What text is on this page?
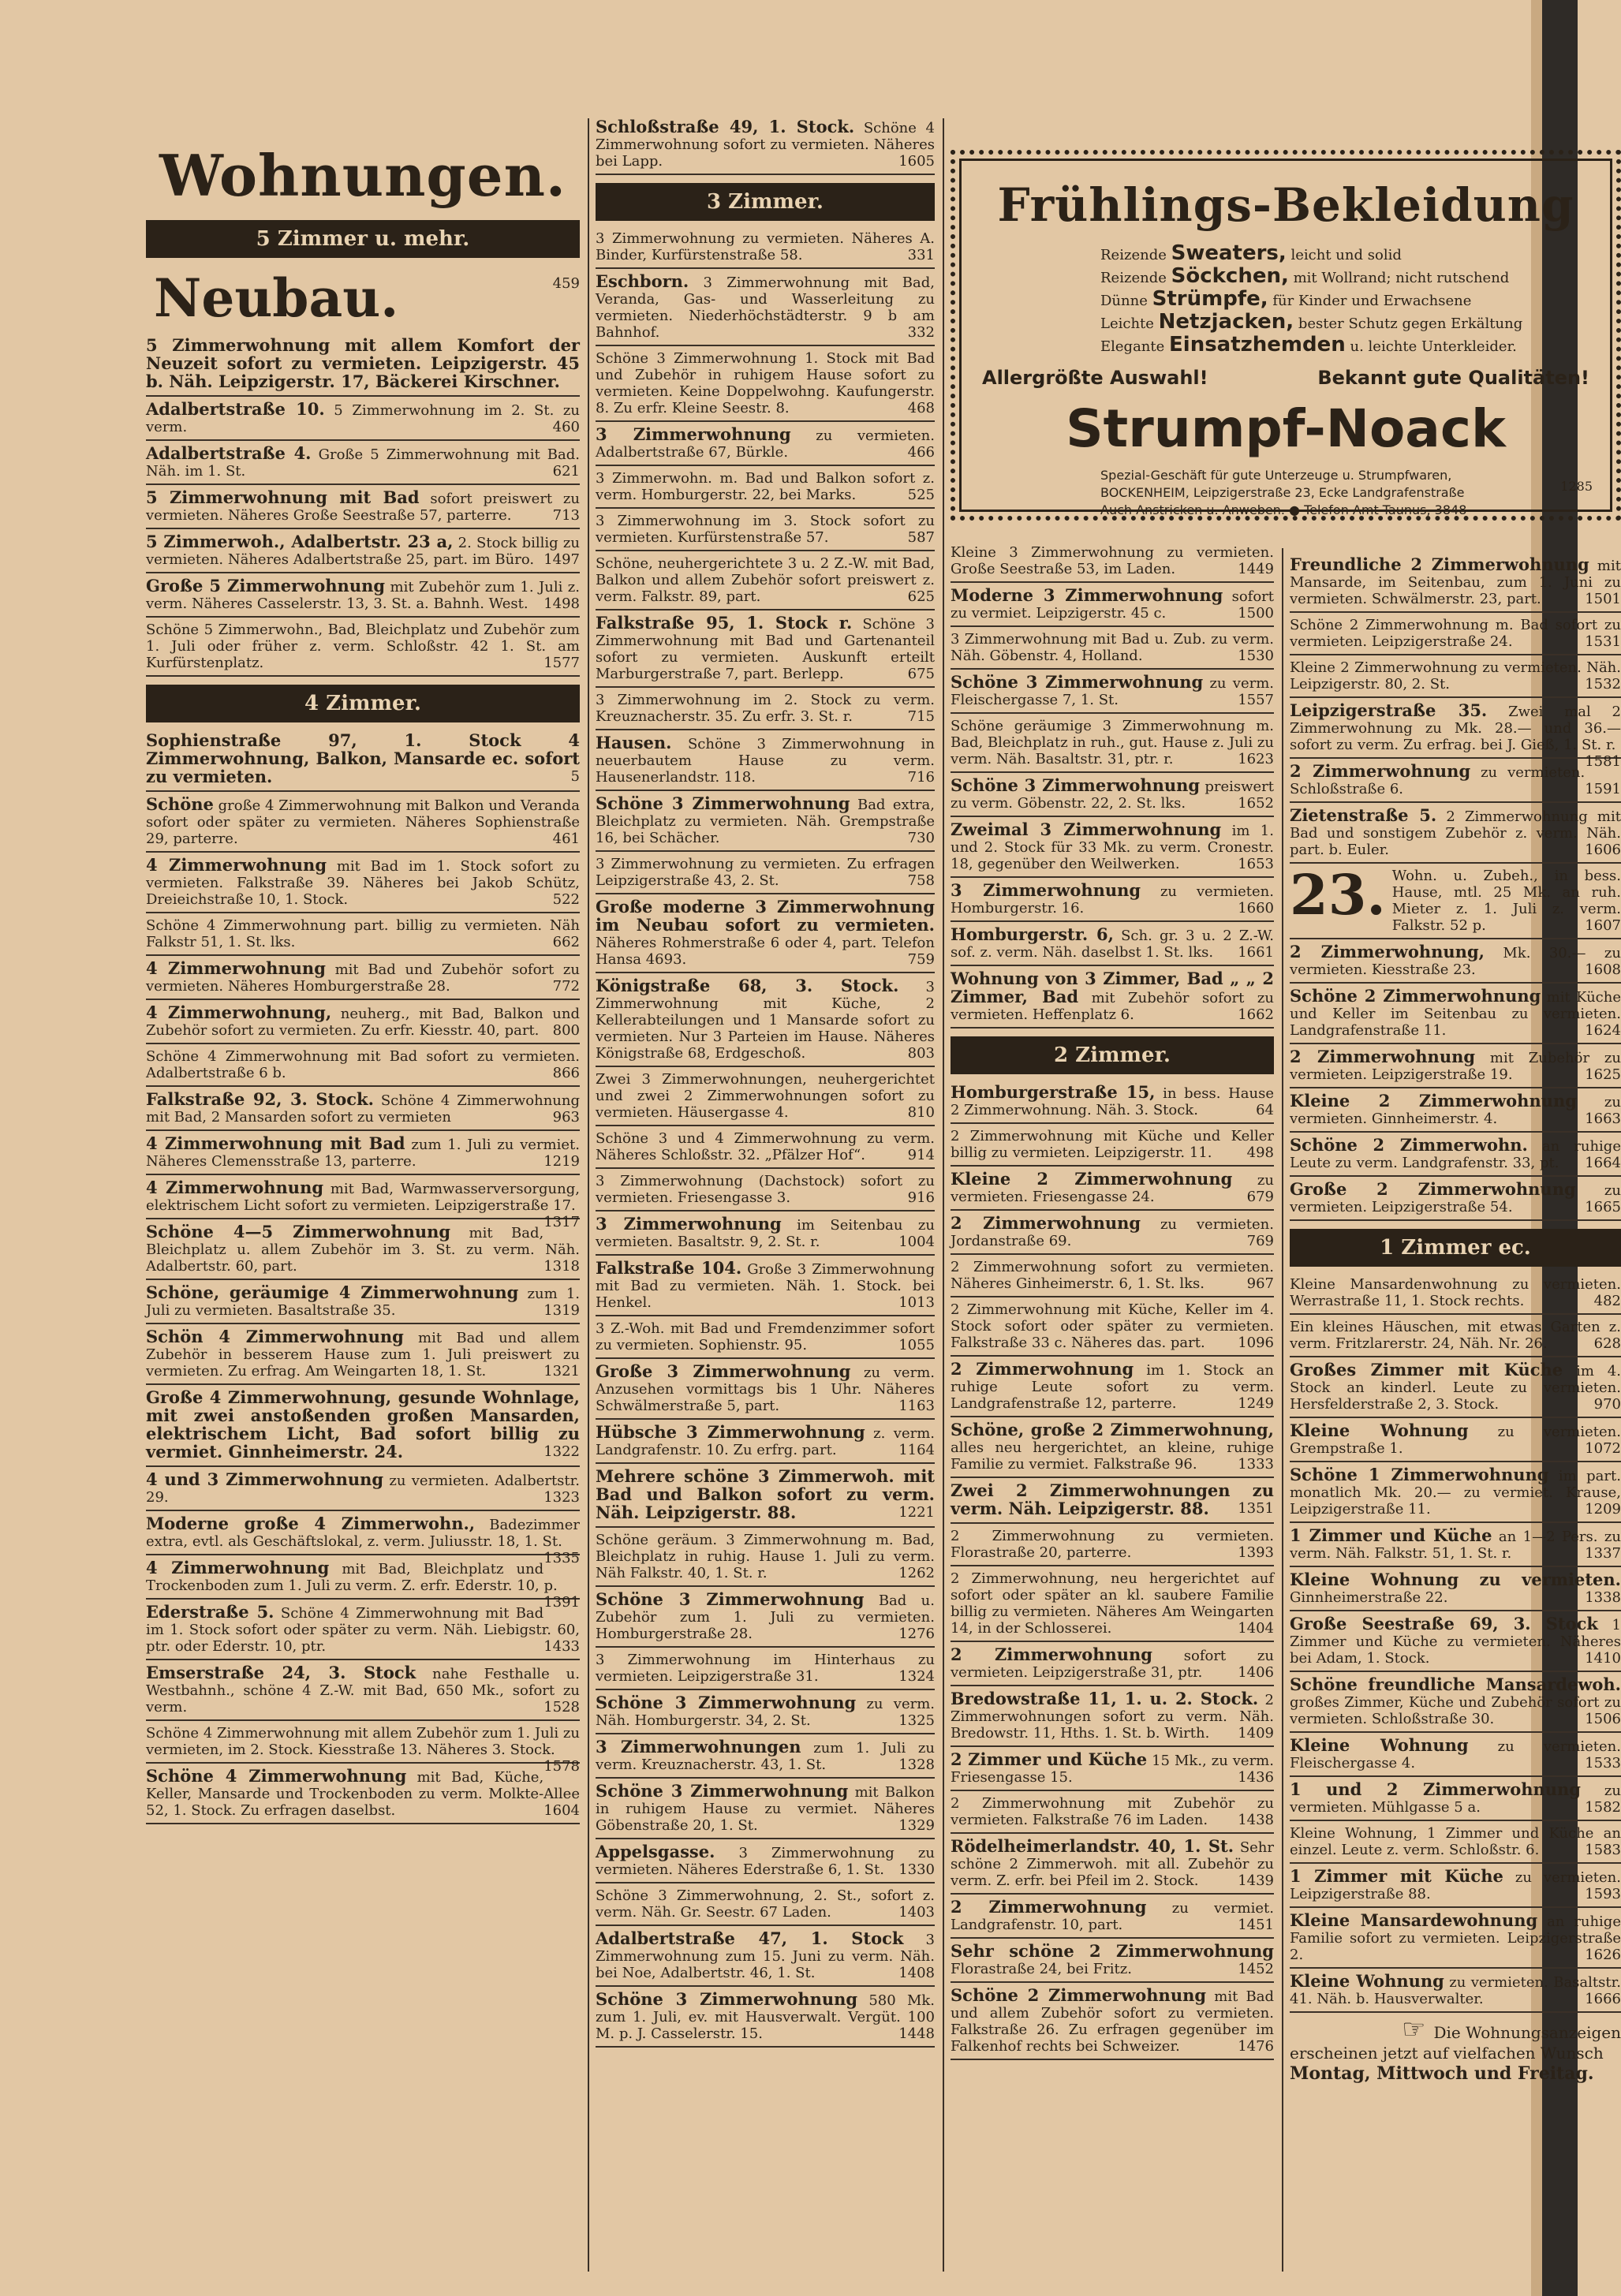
Wohnungen.
5 Zimmer u. mehr.
Neubau.	459

5 Zimmerwohnung mit allem Komfort der Neuzeit sofort zu vermieten. Leipzigerstr. 45 b. Näh. Leipzigerstr. 17, Bäckerei Kirschner.

Adalbertstraße 10. 5 Zimmerwohnung im 2. St. zu verm.	460

Adalbertstraße 4. Große 5 Zimmerwohnung mit Bad. Näh. im 1. St.	621

5 Zimmerwohnung mit Bad sofort preiswert zu vermieten. Näheres Große Seestraße 57, parterre.	713

5 Zimmerwoh., Adalbertstr. 23 a, 2. Stock billig zu vermieten. Näheres Adalbertstraße 25, part. im Büro. 1497

Große 5 Zimmerwohnung mit Zubehör zum 1. Juli z. verm. Näheres Casselerstr. 13, 3. St. a. Bahnh. West. 1498

Schöne 5 Zimmerwohn., Bad, Bleichplatz und Zubehör zum 1. Juli oder früher z. verm. Schloßstr. 42 1. St. am Kurfürstenplatz.	1577

4 Zimmer.

Sophienstraße 97, 1. Stock 4 Zimmerwohnung, Balkon, Mansarde ec. sofort zu vermieten.	5

Schöne große 4 Zimmerwohnung mit Balkon und Veranda sofort oder später zu vermieten. Näheres Sophienstraße 29, parterre.	461

4 Zimmerwohnung mit Bad im 1. Stock sofort zu vermieten. Falkstraße 39. Näheres bei Jakob Schütz, Dreieichstraße 10, 1. Stock.	522

Schöne 4 Zimmerwohnung part. billig zu vermieten. Näh Falkstr 51, 1. St. lks.	662

4 Zimmerwohnung mit Bad und Zubehör sofort zu vermieten. Näheres Homburgerstraße 28.	772

4 Zimmerwohnung, neuherg., mit Bad, Balkon und Zubehör sofort zu vermieten. Zu erfr. Kiesstr. 40, part. 800

Schöne 4 Zimmerwohnung mit Bad sofort zu vermieten. Adalbertstraße 6 b.	866

Falkstraße 92, 3. Stock. Schöne 4 Zimmerwohnung mit Bad, 2 Mansarden sofort zu vermieten	963

4 Zimmerwohnung mit Bad zum 1. Juli zu vermiet. Näheres Clemensstraße 13, parterre.	1219

4 Zimmerwohnung mit Bad, Warmwasserversorgung, elektrischem Licht sofort zu vermieten. Leipzigerstraße 17.
1317

Schöne 4—5 Zimmerwohnung mit Bad, Bleichplatz u. allem Zubehör im 3. St. zu verm. Näh. Adalbertstr. 60, part.	1318

Schöne, geräumige 4 Zimmerwohnung zum 1. Juli zu vermieten. Basaltstraße 35.	1319

Schön 4 Zimmerwohnung mit Bad und allem Zubehör in besserem Hause zum 1. Juli preiswert zu vermieten. Zu erfrag. Am Weingarten 18, 1. St.	1321

Große 4 Zimmerwohnung, gesunde Wohnlage, mit zwei anstoßenden großen Mansarden, elektrischem Licht, Bad sofort billig zu vermiet. Ginnheimerstr. 24.	1322

4 und 3 Zimmerwohnung zu vermieten. Adalbertstr. 29.	1323

Moderne große 4 Zimmerwohn., Badezimmer extra, evtl. als Geschäftslokal, z. verm. Juliusstr. 18, 1. St.
1335

4 Zimmerwohnung mit Bad, Bleichplatz und Trockenboden zum 1. Juli zu verm. Z. erfr. Ederstr. 10, p.
1391

Ederstraße 5. Schöne 4 Zimmerwohnung mit Bad im 1. Stock sofort oder später zu verm. Näh. Liebigstr. 60, ptr. oder Ederstr. 10, ptr.	1433

Emserstraße 24, 3. Stock nahe Festhalle u. Westbahnh., schöne 4 Z.-W. mit Bad, 650 Mk., sofort zu verm.	1528

Schöne 4 Zimmerwohnung mit allem Zubehör zum 1. Juli zu vermieten, im 2. Stock. Kiesstraße 13. Näheres 3. Stock.
1578

Schöne 4 Zimmerwohnung mit Bad, Küche, Keller, Mansarde und Trockenboden zu verm. Molkte-Allee 52, 1. Stock. Zu erfragen daselbst.	1604

Schloßstraße 49, 1. Stock. Schöne 4 Zimmerwohnung sofort zu vermieten. Näheres bei Lapp.	1605

3 Zimmer.

3 Zimmerwohnung zu vermieten. Näheres A. Binder, Kurfürstenstraße 58.	331

Eschborn. 3 Zimmerwohnung mit Bad, Veranda, Gas- und Wasserleitung zu vermieten. Niederhöchstädterstr. 9 b am Bahnhof.	332

Schöne 3 Zimmerwohnung 1. Stock mit Bad und Zubehör in ruhigem Hause sofort zu vermieten. Keine Doppelwohng. Kaufungerstr. 8. Zu erfr. Kleine Seestr. 8.	468

3 Zimmerwohnung zu vermieten. Adalbertstraße 67, Bürkle.	466

3 Zimmerwohn. m. Bad und Balkon sofort z. verm. Homburgerstr. 22, bei Marks.	525

3 Zimmerwohnung im 3. Stock sofort zu vermieten. Kurfürstenstraße 57.	587

Schöne, neuhergerichtete 3 u. 2 Z.-W. mit Bad, Balkon und allem Zubehör sofort preiswert z. verm. Falkstr. 89, part.	625

Falkstraße 95, 1. Stock r. Schöne 3 Zimmerwohnung mit Bad und Gartenanteil sofort zu vermieten. Auskunft erteilt Marburgerstraße 7, part. Berlepp.	675

3 Zimmerwohnung im 2. Stock zu verm. Kreuznacherstr. 35. Zu erfr. 3. St. r.	715

Hausen. Schöne 3 Zimmerwohnung in neuerbautem Hause zu verm. Hausenerlandstr. 118.	716

Schöne 3 Zimmerwohnung Bad extra, Bleichplatz zu vermieten. Näh. Grempstraße 16, bei Schächer.	730

3 Zimmerwohnung zu vermieten. Zu erfragen Leipzigerstraße 43, 2. St.	758

Große moderne 3 Zimmerwohnung im Neubau sofort zu vermieten. Näheres Rohmerstraße 6 oder 4, part. Telefon Hansa 4693.	759

Königstraße 68, 3. Stock. 3 Zimmerwohnung mit Küche, 2 Kellerabteilungen und 1 Mansarde sofort zu vermieten. Nur 3 Parteien im Hause. Näheres Königstraße 68, Erdgeschoß.	803

Zwei 3 Zimmerwohnungen, neuhergerichtet und zwei 2 Zimmerwohnungen sofort zu vermieten. Häusergasse 4.	810

Schöne 3 und 4 Zimmerwohnung zu verm. Näheres Schloßstr. 32. „Pfälzer Hof“.	914

3 Zimmerwohnung (Dachstock) sofort zu vermieten. Friesengasse 3.	916

3 Zimmerwohnung im Seitenbau zu vermieten. Basaltstr. 9, 2. St. r.	1004

Falkstraße 104. Große 3 Zimmerwohnung mit Bad zu vermieten. Näh. 1. Stock. bei Henkel.	1013

3 Z.-Woh. mit Bad und Fremdenzimmer sofort zu vermieten. Sophienstr. 95.	1055

Große 3 Zimmerwohnung zu verm. Anzusehen vormittags bis 1 Uhr. Näheres Schwälmerstraße 5, part.	1163

Hübsche 3 Zimmerwohnung z. verm. Landgrafenstr. 10. Zu erfrg. part.	1164

Mehrere schöne 3 Zimmerwoh. mit Bad und Balkon sofort zu verm. Näh. Leipzigerstr. 88.	1221

Schöne geräum. 3 Zimmerwohnung m. Bad, Bleichplatz in ruhig. Hause 1. Juli zu verm. Näh Falkstr. 40, 1. St. r.	1262

Schöne 3 Zimmerwohnung Bad u. Zubehör zum 1. Juli zu vermieten. Homburgerstraße 28.	1276

3 Zimmerwohnung im Hinterhaus zu vermieten. Leipzigerstraße 31.	1324

Schöne 3 Zimmerwohnung zu verm. Näh. Homburgerstr. 34, 2. St.	1325

3 Zimmerwohnungen zum 1. Juli zu verm. Kreuznacherstr. 43, 1. St.	1328

Schöne 3 Zimmerwohnung mit Balkon in ruhigem Hause zu vermiet. Näheres Göbenstraße 20, 1. St.	1329

Appelsgasse. 3 Zimmerwohnung zu vermieten. Näheres Ederstraße 6, 1. St. 1330

Schöne 3 Zimmerwohnung, 2. St., sofort z. verm. Näh. Gr. Seestr. 67 Laden.	1403

Adalbertstraße 47, 1. Stock 3 Zimmerwohnung zum 15. Juni zu verm. Näh. bei Noe, Adalbertstr. 46, 1. St.	1408

Schöne 3 Zimmerwohnung 580 Mk. zum 1. Juli, ev. mit Hausverwalt. Vergüt. 100 M. p. J. Casselerstr. 15.	1448

Frühlings-Bekleidung
Reizende Sweaters, leicht und solid
Reizende Söckchen, mit Wollrand; nicht rutschend
Dünne Strümpfe, für Kinder und Erwachsene
Leichte Netzjacken, bester Schutz gegen Erkältung
Elegante Einsatzhemden u. leichte Unterkleider.
Allergrößte Auswahl!	Bekannt gute Qualitäten!
Strumpf-Noack
Spezial-Geschäft für gute Unterzeuge u. Strumpfwaren,
BOCKENHEIM, Leipzigerstraße 23, Ecke Landgrafenstraße
Auch Anstricken u. Anweben. ● Telefon Amt Taunus, 3848
1285

Kleine 3 Zimmerwohnung zu vermieten. Große Seestraße 53, im Laden.	1449

Moderne 3 Zimmerwohnung sofort zu vermiet. Leipzigerstr. 45 c.	1500

3 Zimmerwohnung mit Bad u. Zub. zu verm. Näh. Göbenstr. 4, Holland.	1530

Schöne 3 Zimmerwohnung zu verm. Fleischergasse 7, 1. St.	1557

Schöne geräumige 3 Zimmerwohnung m. Bad, Bleichplatz in ruh., gut. Hause z. Juli zu verm. Näh. Basaltstr. 31, ptr. r.	1623

Schöne 3 Zimmerwohnung preiswert zu verm. Göbenstr. 22, 2. St. lks.	1652

Zweimal 3 Zimmerwohnung im 1. und 2. Stock für 33 Mk. zu verm. Cronestr. 18, gegenüber den Weilwerken.	1653

3 Zimmerwohnung zu vermieten. Homburgerstr. 16.	1660

Homburgerstr. 6, Sch. gr. 3 u. 2 Z.-W. sof. z. verm. Näh. daselbst 1. St. lks. 1661

Wohnung von 3 Zimmer, Bad „ „ 2 Zimmer, Bad mit Zubehör sofort zu vermieten. Heffenplatz 6.	1662

2 Zimmer.

Homburgerstraße 15, in bess. Hause 2 Zimmerwohnung. Näh. 3. Stock.	64

2 Zimmerwohnung mit Küche und Keller billig zu vermieten. Leipzigerstr. 11. 498

Kleine 2 Zimmerwohnung zu vermieten. Friesengasse 24.	679

2 Zimmerwohnung zu vermieten. Jordanstraße 69.	769

2 Zimmerwohnung sofort zu vermieten. Näheres Ginheimerstr. 6, 1. St. lks.	967

2 Zimmerwohnung mit Küche, Keller im 4. Stock sofort oder später zu vermieten. Falkstraße 33 c. Näheres das. part. 1096

2 Zimmerwohnung im 1. Stock an ruhige Leute sofort zu verm. Landgrafenstraße 12, parterre.	1249

Schöne, große 2 Zimmerwohnung, alles neu hergerichtet, an kleine, ruhige Familie zu vermiet. Falkstraße 96.	1333

Zwei 2 Zimmerwohnungen zu verm. Näh. Leipzigerstr. 88. 1351

2 Zimmerwohnung zu vermieten. Florastraße 20, parterre.	1393

2 Zimmerwohnung, neu hergerichtet auf sofort oder später an kl. saubere Familie billig zu vermieten. Näheres Am Weingarten 14, in der Schlosserei.	1404

2 Zimmerwohnung sofort zu vermieten. Leipzigerstraße 31, ptr. 1406

Bredowstraße 11, 1. u. 2. Stock. 2 Zimmerwohnungen sofort zu verm. Näh. Bredowstr. 11, Hths. 1. St. b. Wirth. 1409

2 Zimmer und Küche 15 Mk., zu verm. Friesengasse 15.	1436

2 Zimmerwohnung mit Zubehör zu vermieten. Falkstraße 76 im Laden. 1438

Rödelheimerlandstr. 40, 1. St. Sehr schöne 2 Zimmerwoh. mit all. Zubehör zu verm. Z. erfr. bei Pfeil im 2. Stock.	1439

2 Zimmerwohnung zu vermiet. Landgrafenstr. 10, part.	1451

Sehr schöne 2 Zimmerwohnung Florastraße 24, bei Fritz.	1452

Schöne 2 Zimmerwohnung mit Bad und allem Zubehör sofort zu vermieten. Falkstraße 26. Zu erfragen gegenüber im Falkenhof rechts bei Schweizer.	1476

Freundliche 2 Zimmerwohnung mit Mansarde, im Seitenbau, zum 1. Juni zu vermieten. Schwälmerstr. 23, part.	1501

Schöne 2 Zimmerwohnung m. Bad sofort zu vermieten. Leipzigerstraße 24.	1531

Kleine 2 Zimmerwohnung zu vermieten. Näh. Leipzigerstr. 80, 2. St.	1532

Leipzigerstraße 35. Zwei mal 2 Zimmerwohnung zu Mk. 28.— und 36.— sofort zu verm. Zu erfrag. bei J. Gieß, 1. St. r.
1581

2 Zimmerwohnung zu vermieten. Schloßstraße 6.	1591

Zietenstraße 5. 2 Zimmerwohnung mit Bad und sonstigem Zubehör z. verm. Näh. part. b. Euler.	1606

23. Wohn. u. Zubeh., in bess. Hause, mtl. 25 Mk. an ruh. Mieter z. 1. Juli z. verm. Falkstr. 52 p.	1607

2 Zimmerwohnung, Mk. 30.— zu vermieten. Kiesstraße 23.	1608

Schöne 2 Zimmerwohnung mit Küche und Keller im Seitenbau zu vermieten. Landgrafenstraße 11.	1624

2 Zimmerwohnung mit Zubehör zu vermieten. Leipzigerstraße 19.	1625

Kleine 2 Zimmerwohnung zu vermieten. Ginnheimerstr. 4.	1663

Schöne 2 Zimmerwohn. an ruhige Leute zu verm. Landgrafenstr. 33, pt. 1664

Große 2 Zimmerwohnung zu vermieten. Leipzigerstraße 54.	1665

1 Zimmer ec.

Kleine Mansardenwohnung zu vermieten. Werrastraße 11, 1. Stock rechts.	482

Ein kleines Häuschen, mit etwas Garten z. verm. Fritzlarerstr. 24, Näh. Nr. 26.	628

Großes Zimmer mit Küche im 4. Stock an kinderl. Leute zu vermieten. Hersfelderstraße 2, 3. Stock.	970

Kleine Wohnung zu vermieten. Grempstraße 1.	1072

Schöne 1 Zimmerwohnung im part. monatlich Mk. 20.— zu vermiet. Krause, Leipzigerstraße 11.	1209

1 Zimmer und Küche an 1—2 Pers. zu verm. Näh. Falkstr. 51, 1. St. r.	1337

Kleine Wohnung zu vermieten. Ginnheimerstraße 22.	1338

Große Seestraße 69, 3. Stock 1 Zimmer und Küche zu vermieten. Näheres bei Adam, 1. Stock.	1410

Schöne freundliche Mansardewoh. großes Zimmer, Küche und Zubehör sofort zu vermieten. Schloßstraße 30.	1506

Kleine Wohnung zu vermieten. Fleischergasse 4.	1533

1 und 2 Zimmerwohnung zu vermieten. Mühlgasse 5 a.	1582

Kleine Wohnung, 1 Zimmer und Küche an einzel. Leute z. verm. Schloßstr. 6.	1583

1 Zimmer mit Küche zu vermieten. Leipzigerstraße 88.	1593

Kleine Mansardewohnung an ruhige Familie sofort zu vermieten. Leipzigerstraße 2.	1626

Kleine Wohnung zu vermieten. Basaltstr. 41. Näh. b. Hausverwalter.	1666

☞ Die Wohnungsanzeigen
erscheinen jetzt auf vielfachen Wunsch
Montag, Mittwoch und Freitag.
